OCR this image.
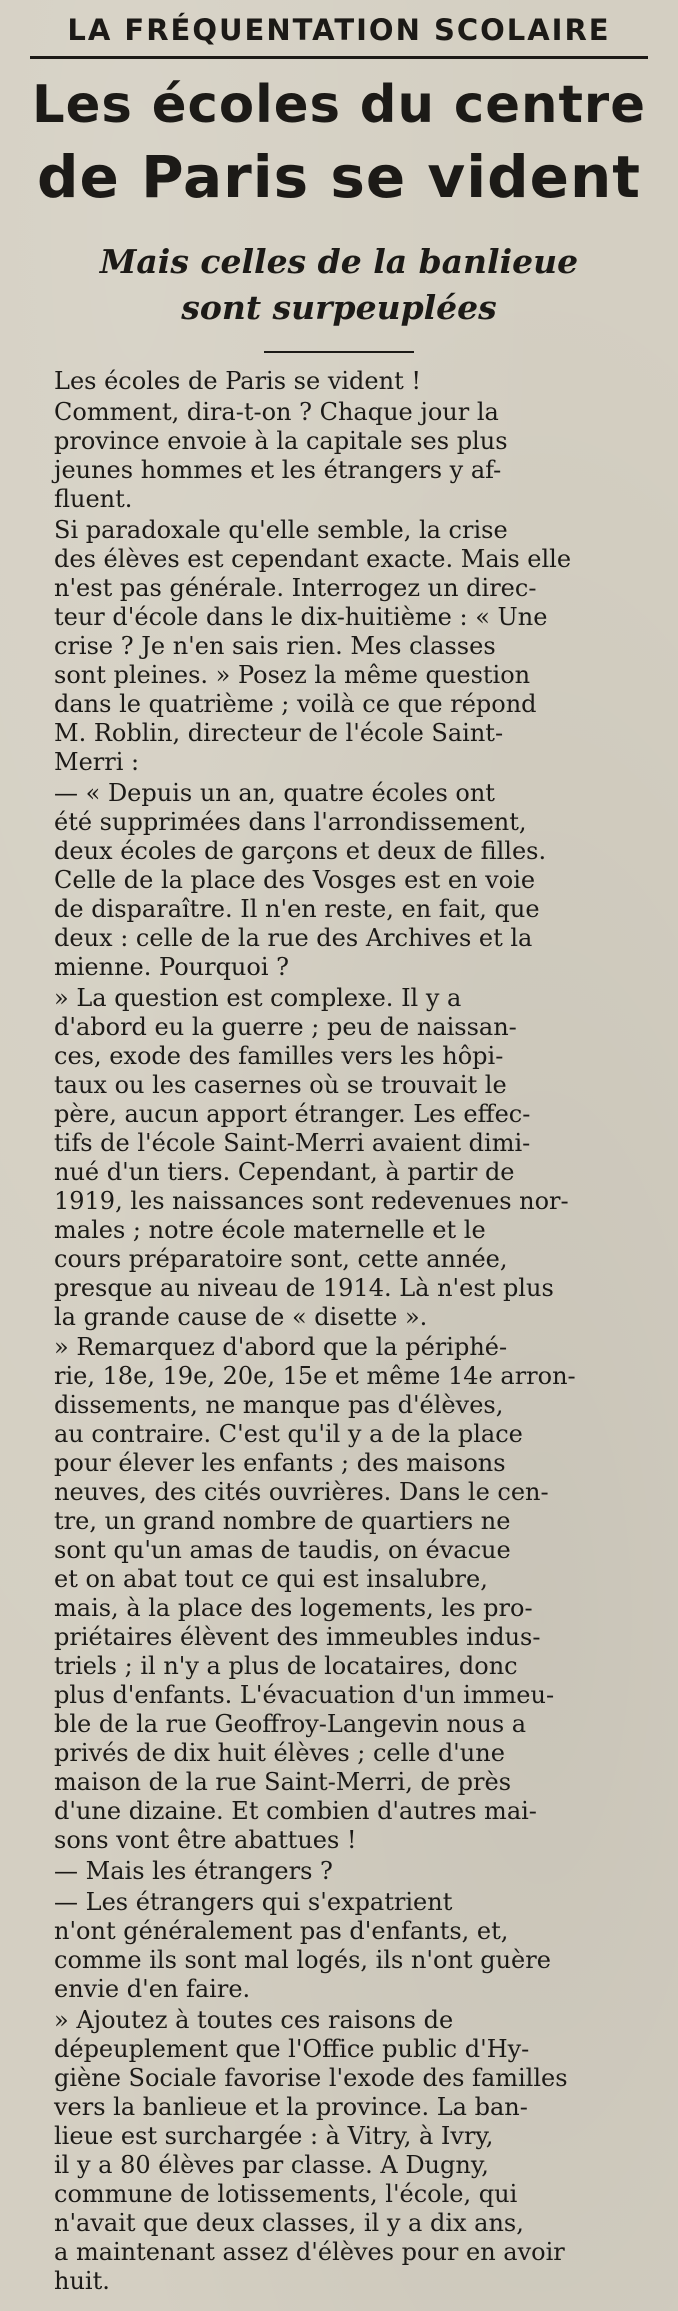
LA FRÉQUENTATION SCOLAIRE
Les écoles du centre
de Paris se vident
Mais celles de la banlieue
sont surpeuplées

Les écoles de Paris se vident !

Comment, dira-t-on ? Chaque jour la
province envoie à la capitale ses plus
jeunes hommes et les étrangers y af-
fluent.

Si paradoxale qu'elle semble, la crise
des élèves est cependant exacte. Mais elle
n'est pas générale. Interrogez un direc-
teur d'école dans le dix-huitième : « Une
crise ? Je n'en sais rien. Mes classes
sont pleines. » Posez la même question
dans le quatrième ; voilà ce que répond
M. Roblin, directeur de l'école Saint-
Merri :

— « Depuis un an, quatre écoles ont
été supprimées dans l'arrondissement,
deux écoles de garçons et deux de filles.
Celle de la place des Vosges est en voie
de disparaître. Il n'en reste, en fait, que
deux : celle de la rue des Archives et la
mienne. Pourquoi ?

» La question est complexe. Il y a
d'abord eu la guerre ; peu de naissan-
ces, exode des familles vers les hôpi-
taux ou les casernes où se trouvait le
père, aucun apport étranger. Les effec-
tifs de l'école Saint-Merri avaient dimi-
nué d'un tiers. Cependant, à partir de
1919, les naissances sont redevenues nor-
males ; notre école maternelle et le
cours préparatoire sont, cette année,
presque au niveau de 1914. Là n'est plus
la grande cause de « disette ».

» Remarquez d'abord que la périphé-
rie, 18e, 19e, 20e, 15e et même 14e arron-
dissements, ne manque pas d'élèves,
au contraire. C'est qu'il y a de la place
pour élever les enfants ; des maisons
neuves, des cités ouvrières. Dans le cen-
tre, un grand nombre de quartiers ne
sont qu'un amas de taudis, on évacue
et on abat tout ce qui est insalubre,
mais, à la place des logements, les pro-
priétaires élèvent des immeubles indus-
triels ; il n'y a plus de locataires, donc
plus d'enfants. L'évacuation d'un immeu-
ble de la rue Geoffroy-Langevin nous a
privés de dix huit élèves ; celle d'une
maison de la rue Saint-Merri, de près
d'une dizaine. Et combien d'autres mai-
sons vont être abattues !

— Mais les étrangers ?

— Les étrangers qui s'expatrient
n'ont généralement pas d'enfants, et,
comme ils sont mal logés, ils n'ont guère
envie d'en faire.

» Ajoutez à toutes ces raisons de
dépeuplement que l'Office public d'Hy-
giène Sociale favorise l'exode des familles
vers la banlieue et la province. La ban-
lieue est surchargée : à Vitry, à Ivry,
il y a 80 élèves par classe. A Dugny,
commune de lotissements, l'école, qui
n'avait que deux classes, il y a dix ans,
a maintenant assez d'élèves pour en avoir
huit.
